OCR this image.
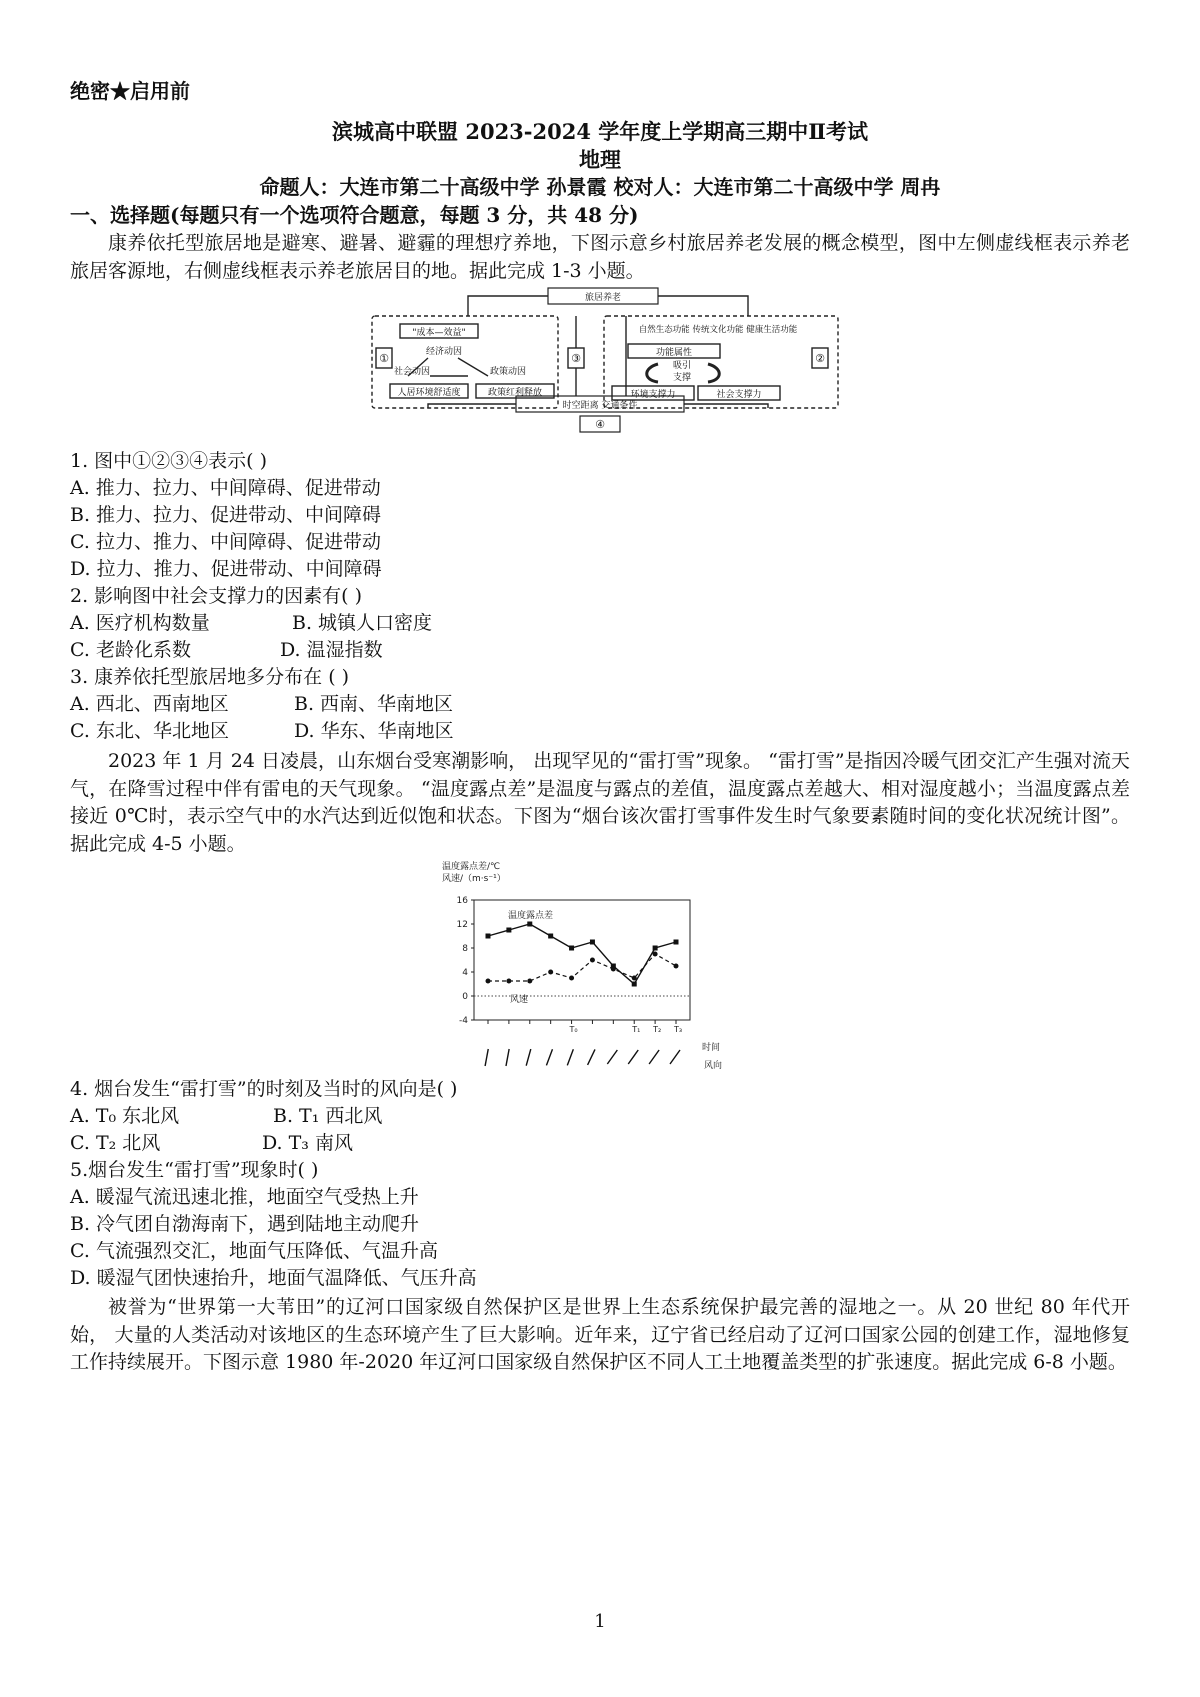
绝密★启用前
滨城高中联盟 2023-2024 学年度上学期高三期中Ⅱ考试
地理
命题人：大连市第二十高级中学 孙景霞 校对人：大连市第二十高级中学 周冉
一、选择题(每题只有一个选项符合题意，每题 3 分，共 48 分)
康养依托型旅居地是避寒、避暑、避霾的理想疗养地，下图示意乡村旅居养老发展的概念模型，图中左侧虚线框表示养老旅居客源地，右侧虚线框表示养老旅居目的地。据此完成 1-3 小题。
旅居养老
"成本—效益"
经济动因
社会动因	政策动因
人居环境舒适度	政策红利释放
自然生态功能 传统文化功能 健康生活功能
功能属性
吸引
支撑
环境支撑力	社会支撑力
时空距离 交通条件
①	②
③
④
1. 图中①②③④表示( )
A. 推力、拉力、中间障碍、促进带动
B. 推力、拉力、促进带动、中间障碍
C. 拉力、推力、中间障碍、促进带动
D. 拉力、推力、促进带动、中间障碍
2. 影响图中社会支撑力的因素有( )
A. 医疗机构数量	B. 城镇人口密度
C. 老龄化系数	D. 温湿指数
3. 康养依托型旅居地多分布在 ( )
A. 西北、西南地区	B. 西南、华南地区
C. 东北、华北地区	D. 华东、华南地区
2023 年 1 月 24 日凌晨，山东烟台受寒潮影响， 出现罕见的“雷打雪”现象。 “雷打雪”是指因冷暖气团交汇产生强对流天气，在降雪过程中伴有雷电的天气现象。 “温度露点差”是温度与露点的差值，温度露点差越大、相对湿度越小；当温度露点差接近 0℃时，表示空气中的水汽达到近似饱和状态。下图为“烟台该次雷打雪事件发生时气象要素随时间的变化状况统计图”。据此完成 4-5 小题。
温度露点差/℃
风速/（m·s⁻¹）
时间
风向
-4
0
4
8
12
16
T₀	T₁ T₂ T₃
温度露点差
风速
4. 烟台发生“雷打雪”的时刻及当时的风向是( )
A. T₀ 东北风	B. T₁ 西北风
C. T₂ 北风	D. T₃ 南风
5.烟台发生“雷打雪”现象时( )
A. 暖湿气流迅速北推，地面空气受热上升
B. 冷气团自渤海南下，遇到陆地主动爬升
C. 气流强烈交汇，地面气压降低、气温升高
D. 暖湿气团快速抬升，地面气温降低、气压升高
被誉为“世界第一大苇田”的辽河口国家级自然保护区是世界上生态系统保护最完善的湿地之一。从 20 世纪 80 年代开始， 大量的人类活动对该地区的生态环境产生了巨大影响。近年来，辽宁省已经启动了辽河口国家公园的创建工作，湿地修复工作持续展开。下图示意 1980 年-2020 年辽河口国家级自然保护区不同人工土地覆盖类型的扩张速度。据此完成 6-8 小题。
1
